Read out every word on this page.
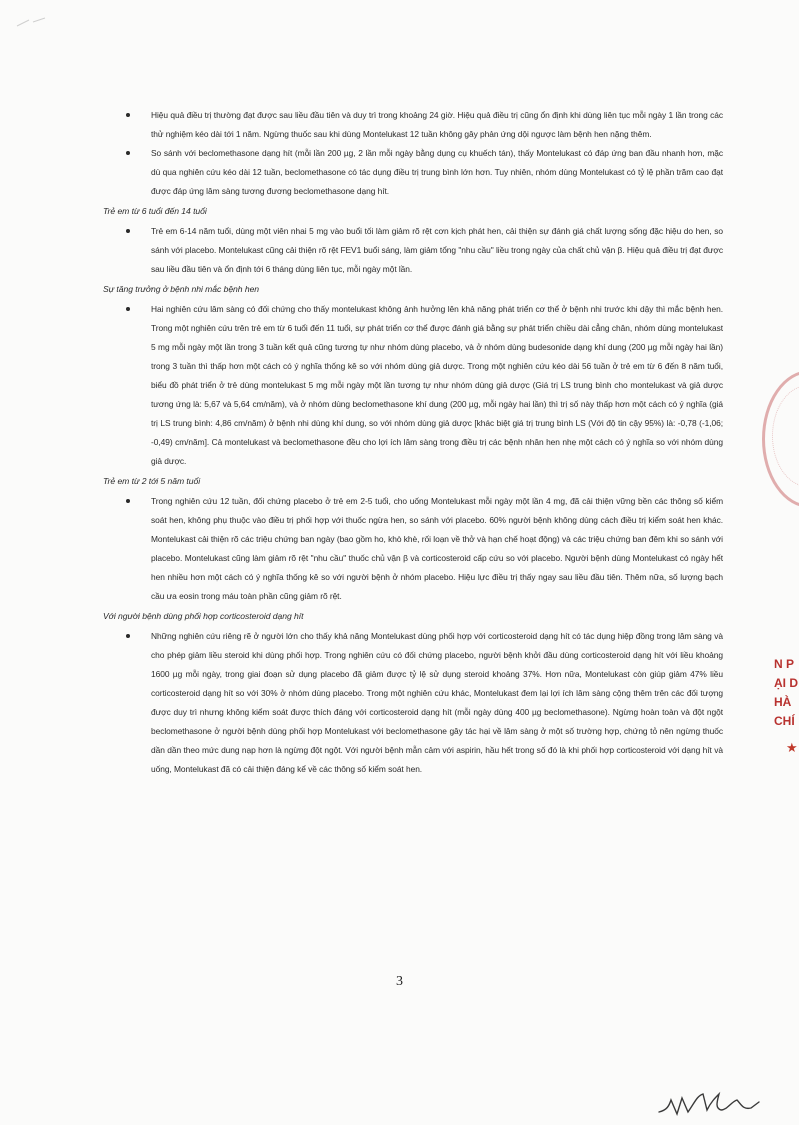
Hiệu quả điều trị thường đạt được sau liều đầu tiên và duy trì trong khoảng 24 giờ. Hiệu quả điều trị cũng ổn định khi dùng liên tục mỗi ngày 1 lần trong các thử nghiệm kéo dài tới 1 năm. Ngừng thuốc sau khi dùng Montelukast 12 tuần không gây phản ứng dội ngược làm bệnh hen nặng thêm.
So sánh với beclomethasone dạng hít (mỗi lần 200 µg, 2 lần mỗi ngày bằng dụng cụ khuếch tán), thấy Montelukast có đáp ứng ban đầu nhanh hơn, mặc dù qua nghiên cứu kéo dài 12 tuần, beclomethasone có tác dụng điều trị trung bình lớn hơn. Tuy nhiên, nhóm dùng Montelukast có tỷ lệ phần trăm cao đạt được đáp ứng lâm sàng tương đương beclomethasone dạng hít.
Trẻ em từ 6 tuổi đến 14 tuổi
Trẻ em 6-14 năm tuổi, dùng một viên nhai 5 mg vào buổi tối làm giảm rõ rệt cơn kịch phát hen, cải thiện sự đánh giá chất lượng sống đặc hiệu do hen, so sánh với placebo. Montelukast cũng cải thiện rõ rệt FEV1 buổi sáng, làm giảm tổng "nhu cầu" liều trong ngày của chất chủ vận β. Hiệu quả điều trị đạt được sau liều đầu tiên và ổn định tới 6 tháng dùng liên tục, mỗi ngày một lần.
Sự tăng trưởng ở bệnh nhi mắc bệnh hen
Hai nghiên cứu lâm sàng có đối chứng cho thấy montelukast không ảnh hưởng lên khả năng phát triển cơ thể ở bệnh nhi trước khi dậy thì mắc bệnh hen. Trong một nghiên cứu trên trẻ em từ 6 tuổi đến 11 tuổi, sự phát triển cơ thể được đánh giá bằng sự phát triển chiều dài cẳng chân, nhóm dùng montelukast 5 mg mỗi ngày một lần trong 3 tuần kết quả cũng tương tự như nhóm dùng placebo, và ở nhóm dùng budesonide dạng khí dung (200 µg mỗi ngày hai lần) trong 3 tuần thì thấp hơn một cách có ý nghĩa thống kê so với nhóm dùng giả dược. Trong một nghiên cứu kéo dài 56 tuần ở trẻ em từ 6 đến 8 năm tuổi, biểu đồ phát triển ở trẻ dùng montelukast 5 mg mỗi ngày một lần tương tự như nhóm dùng giả dược (Giá trị LS trung bình cho montelukast và giả dược tương ứng là: 5,67 và 5,64 cm/năm), và ở nhóm dùng beclomethasone khí dung (200 µg, mỗi ngày hai lần) thì trị số này thấp hơn một cách có ý nghĩa (giá trị LS trung bình: 4,86 cm/năm) ở bệnh nhi dùng khí dung, so với nhóm dùng giả dược [khác biệt giá trị trung bình LS (Với độ tin cậy 95%) là: -0,78 (-1,06; -0,49) cm/năm]. Cả montelukast và beclomethasone đều cho lợi ích lâm sàng trong điều trị các bệnh nhân hen nhẹ một cách có ý nghĩa so với nhóm dùng giả dược.
Trẻ em từ 2 tới 5 năm tuổi
Trong nghiên cứu 12 tuần, đối chứng placebo ở trẻ em 2-5 tuổi, cho uống Montelukast mỗi ngày một lần 4 mg, đã cải thiện vững bền các thông số kiểm soát hen, không phụ thuộc vào điều trị phối hợp với thuốc ngừa hen, so sánh với placebo. 60% người bệnh không dùng cách điều trị kiểm soát hen khác. Montelukast cải thiện rõ các triệu chứng ban ngày (bao gồm ho, khò khè, rối loạn về thở và hạn chế hoạt động) và các triệu chứng ban đêm khi so sánh với placebo. Montelukast cũng làm giảm rõ rệt "nhu cầu" thuốc chủ vận β và corticosteroid cấp cứu so với placebo. Người bệnh dùng Montelukast có ngày hết hen nhiều hơn một cách có ý nghĩa thống kê so với người bệnh ở nhóm placebo. Hiệu lực điều trị thấy ngay sau liều đầu tiên. Thêm nữa, số lượng bạch cầu ưa eosin trong máu toàn phần cũng giảm rõ rệt.
Với người bệnh dùng phối hợp corticosteroid dạng hít
Những nghiên cứu riêng rẽ ở người lớn cho thấy khả năng Montelukast dùng phối hợp với corticosteroid dạng hít có tác dụng hiệp đồng trong lâm sàng và cho phép giảm liều steroid khi dùng phối hợp. Trong nghiên cứu có đối chứng placebo, người bệnh khởi đầu dùng corticosteroid dạng hít với liều khoảng 1600 µg mỗi ngày, trong giai đoạn sử dụng placebo đã giảm được tỷ lệ sử dụng steroid khoảng 37%. Hơn nữa, Montelukast còn giúp giảm 47% liều corticosteroid dạng hít so với 30% ở nhóm dùng placebo. Trong một nghiên cứu khác, Montelukast đem lại lợi ích lâm sàng cộng thêm trên các đối tượng được duy trì nhưng không kiểm soát được thích đáng với corticosteroid dạng hít (mỗi ngày dùng 400 µg beclomethasone). Ngừng hoàn toàn và đột ngột beclomethasone ở người bệnh dùng phối hợp Montelukast với beclomethasone gây tác hại về lâm sàng ở một số trường hợp, chứng tỏ nên ngừng thuốc dần dần theo mức dung nạp hơn là ngừng đột ngột. Với người bệnh mẫn cảm với aspirin, hầu hết trong số đó là khi phối hợp corticosteroid với dạng hít và uống, Montelukast đã có cải thiện đáng kể về các thông số kiểm soát hen.
3
N P
ẠI D
HÀ
CHÍ
★
